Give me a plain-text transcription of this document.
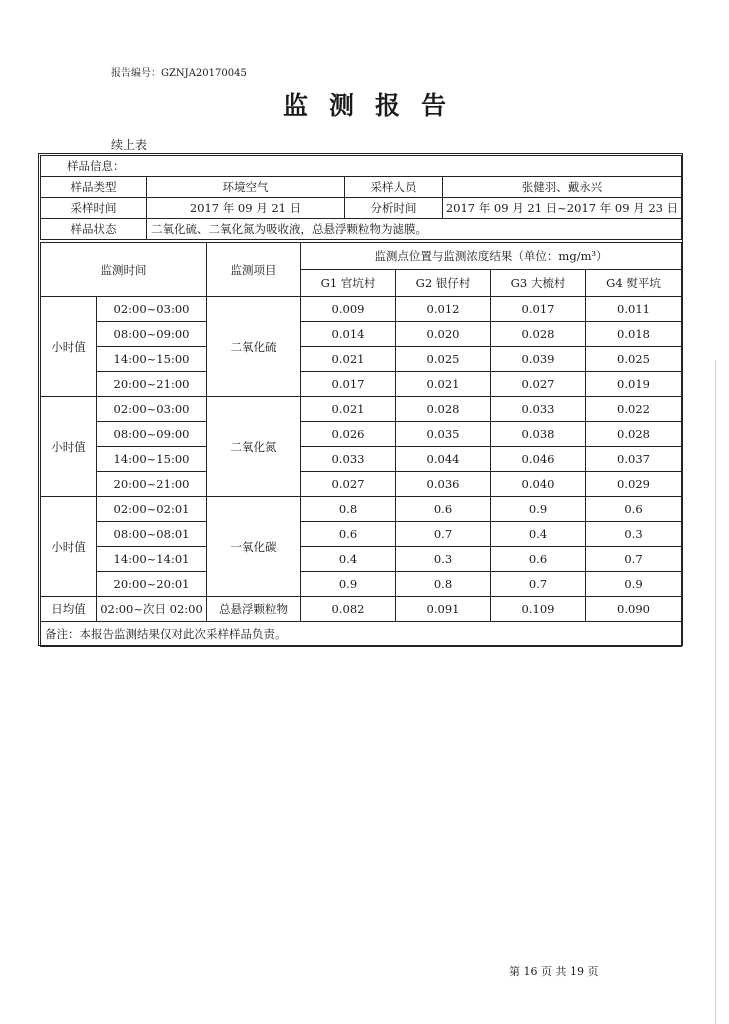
报告编号：GZNJA20170045
监测报告
续上表
样品信息：			
样品类型	环境空气	采样人员	张健羽、戴永兴
采样时间	2017 年 09 月 21 日	分析时间	2017 年 09 月 21 日~2017 年 09 月 23 日
样品状态	二氧化硫、二氧化氮为吸收液，总悬浮颗粒物为滤膜。		
监测时间		监测项目	监测点位置与监测浓度结果（单位：mg/m³）			
			G1 官坑村	G2 银仔村	G3 大梳村	G4 熨平坑
小时值	02:00~03:00	二氧化硫	0.009	0.012	0.017	0.011
	08:00~09:00		0.014	0.020	0.028	0.018
	14:00~15:00		0.021	0.025	0.039	0.025
	20:00~21:00		0.017	0.021	0.027	0.019
小时值	02:00~03:00	二氧化氮	0.021	0.028	0.033	0.022
	08:00~09:00		0.026	0.035	0.038	0.028
	14:00~15:00		0.033	0.044	0.046	0.037
	20:00~21:00		0.027	0.036	0.040	0.029
小时值	02:00~02:01	一氧化碳	0.8	0.6	0.9	0.6
	08:00~08:01		0.6	0.7	0.4	0.3
	14:00~14:01		0.4	0.3	0.6	0.7
	20:00~20:01		0.9	0.8	0.7	0.9
日均值	02:00~次日 02:00	总悬浮颗粒物	0.082	0.091	0.109	0.090
备注：本报告监测结果仅对此次采样样品负责。						
第 16 页 共 19 页
